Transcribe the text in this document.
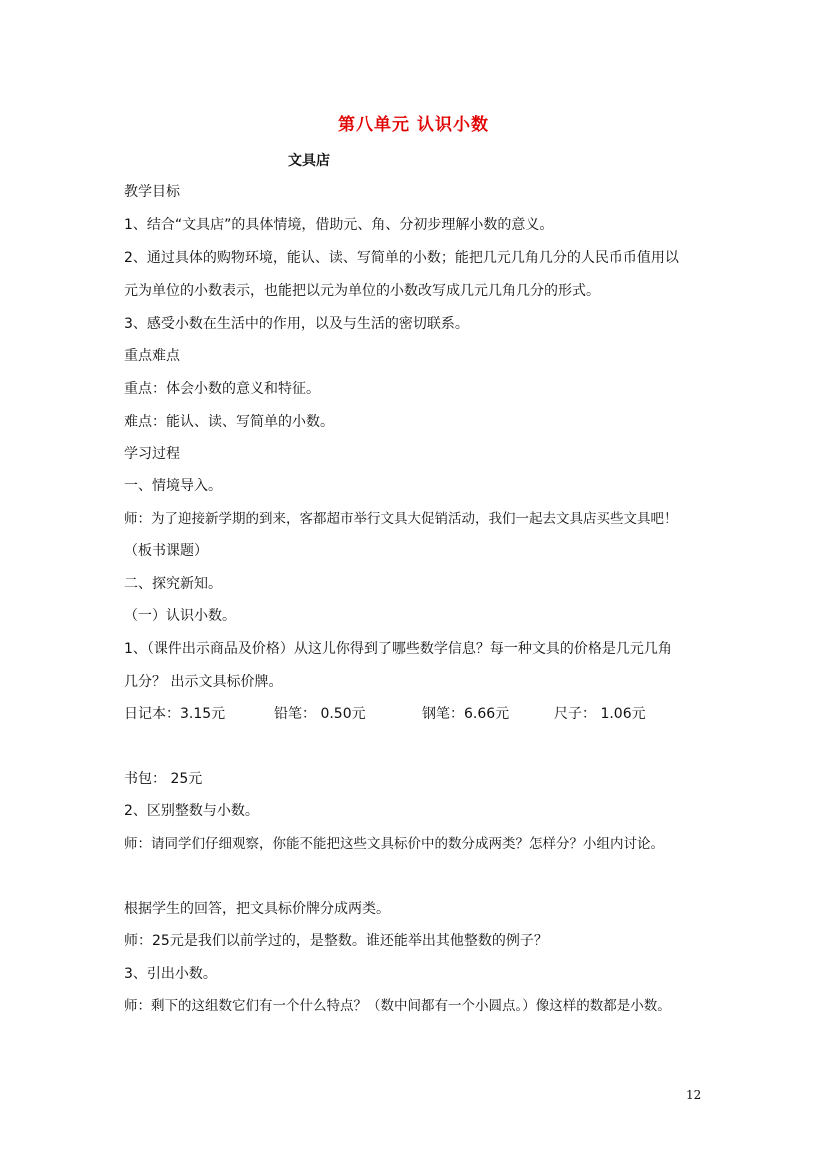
第八单元 认识小数
文具店
教学目标
1、结合“文具店”的具体情境，借助元、角、分初步理解小数的意义。
2、通过具体的购物环境，能认、读、写简单的小数；能把几元几角几分的人民币币值用以
元为单位的小数表示，也能把以元为单位的小数改写成几元几角几分的形式。
3、感受小数在生活中的作用，以及与生活的密切联系。
重点难点
重点：体会小数的意义和特征。
难点：能认、读、写简单的小数。
学习过程
一、情境导入。
师：为了迎接新学期的到来，客都超市举行文具大促销活动，我们一起去文具店买些文具吧！
（板书课题）
二、探究新知。
（一）认识小数。
1、（课件出示商品及价格）从这儿你得到了哪些数学信息？每一种文具的价格是几元几角
几分？ 出示文具标价牌。
日记本：3.15元	铅笔： 0.50元	钢笔：6.66元	尺子： 1.06元
书包： 25元
2、区别整数与小数。
师：请同学们仔细观察，你能不能把这些文具标价中的数分成两类？怎样分？小组内讨论。
根据学生的回答，把文具标价牌分成两类。
师：25元是我们以前学过的，是整数。谁还能举出其他整数的例子？
3、引出小数。
师：剩下的这组数它们有一个什么特点？（数中间都有一个小圆点。）像这样的数都是小数。
12
